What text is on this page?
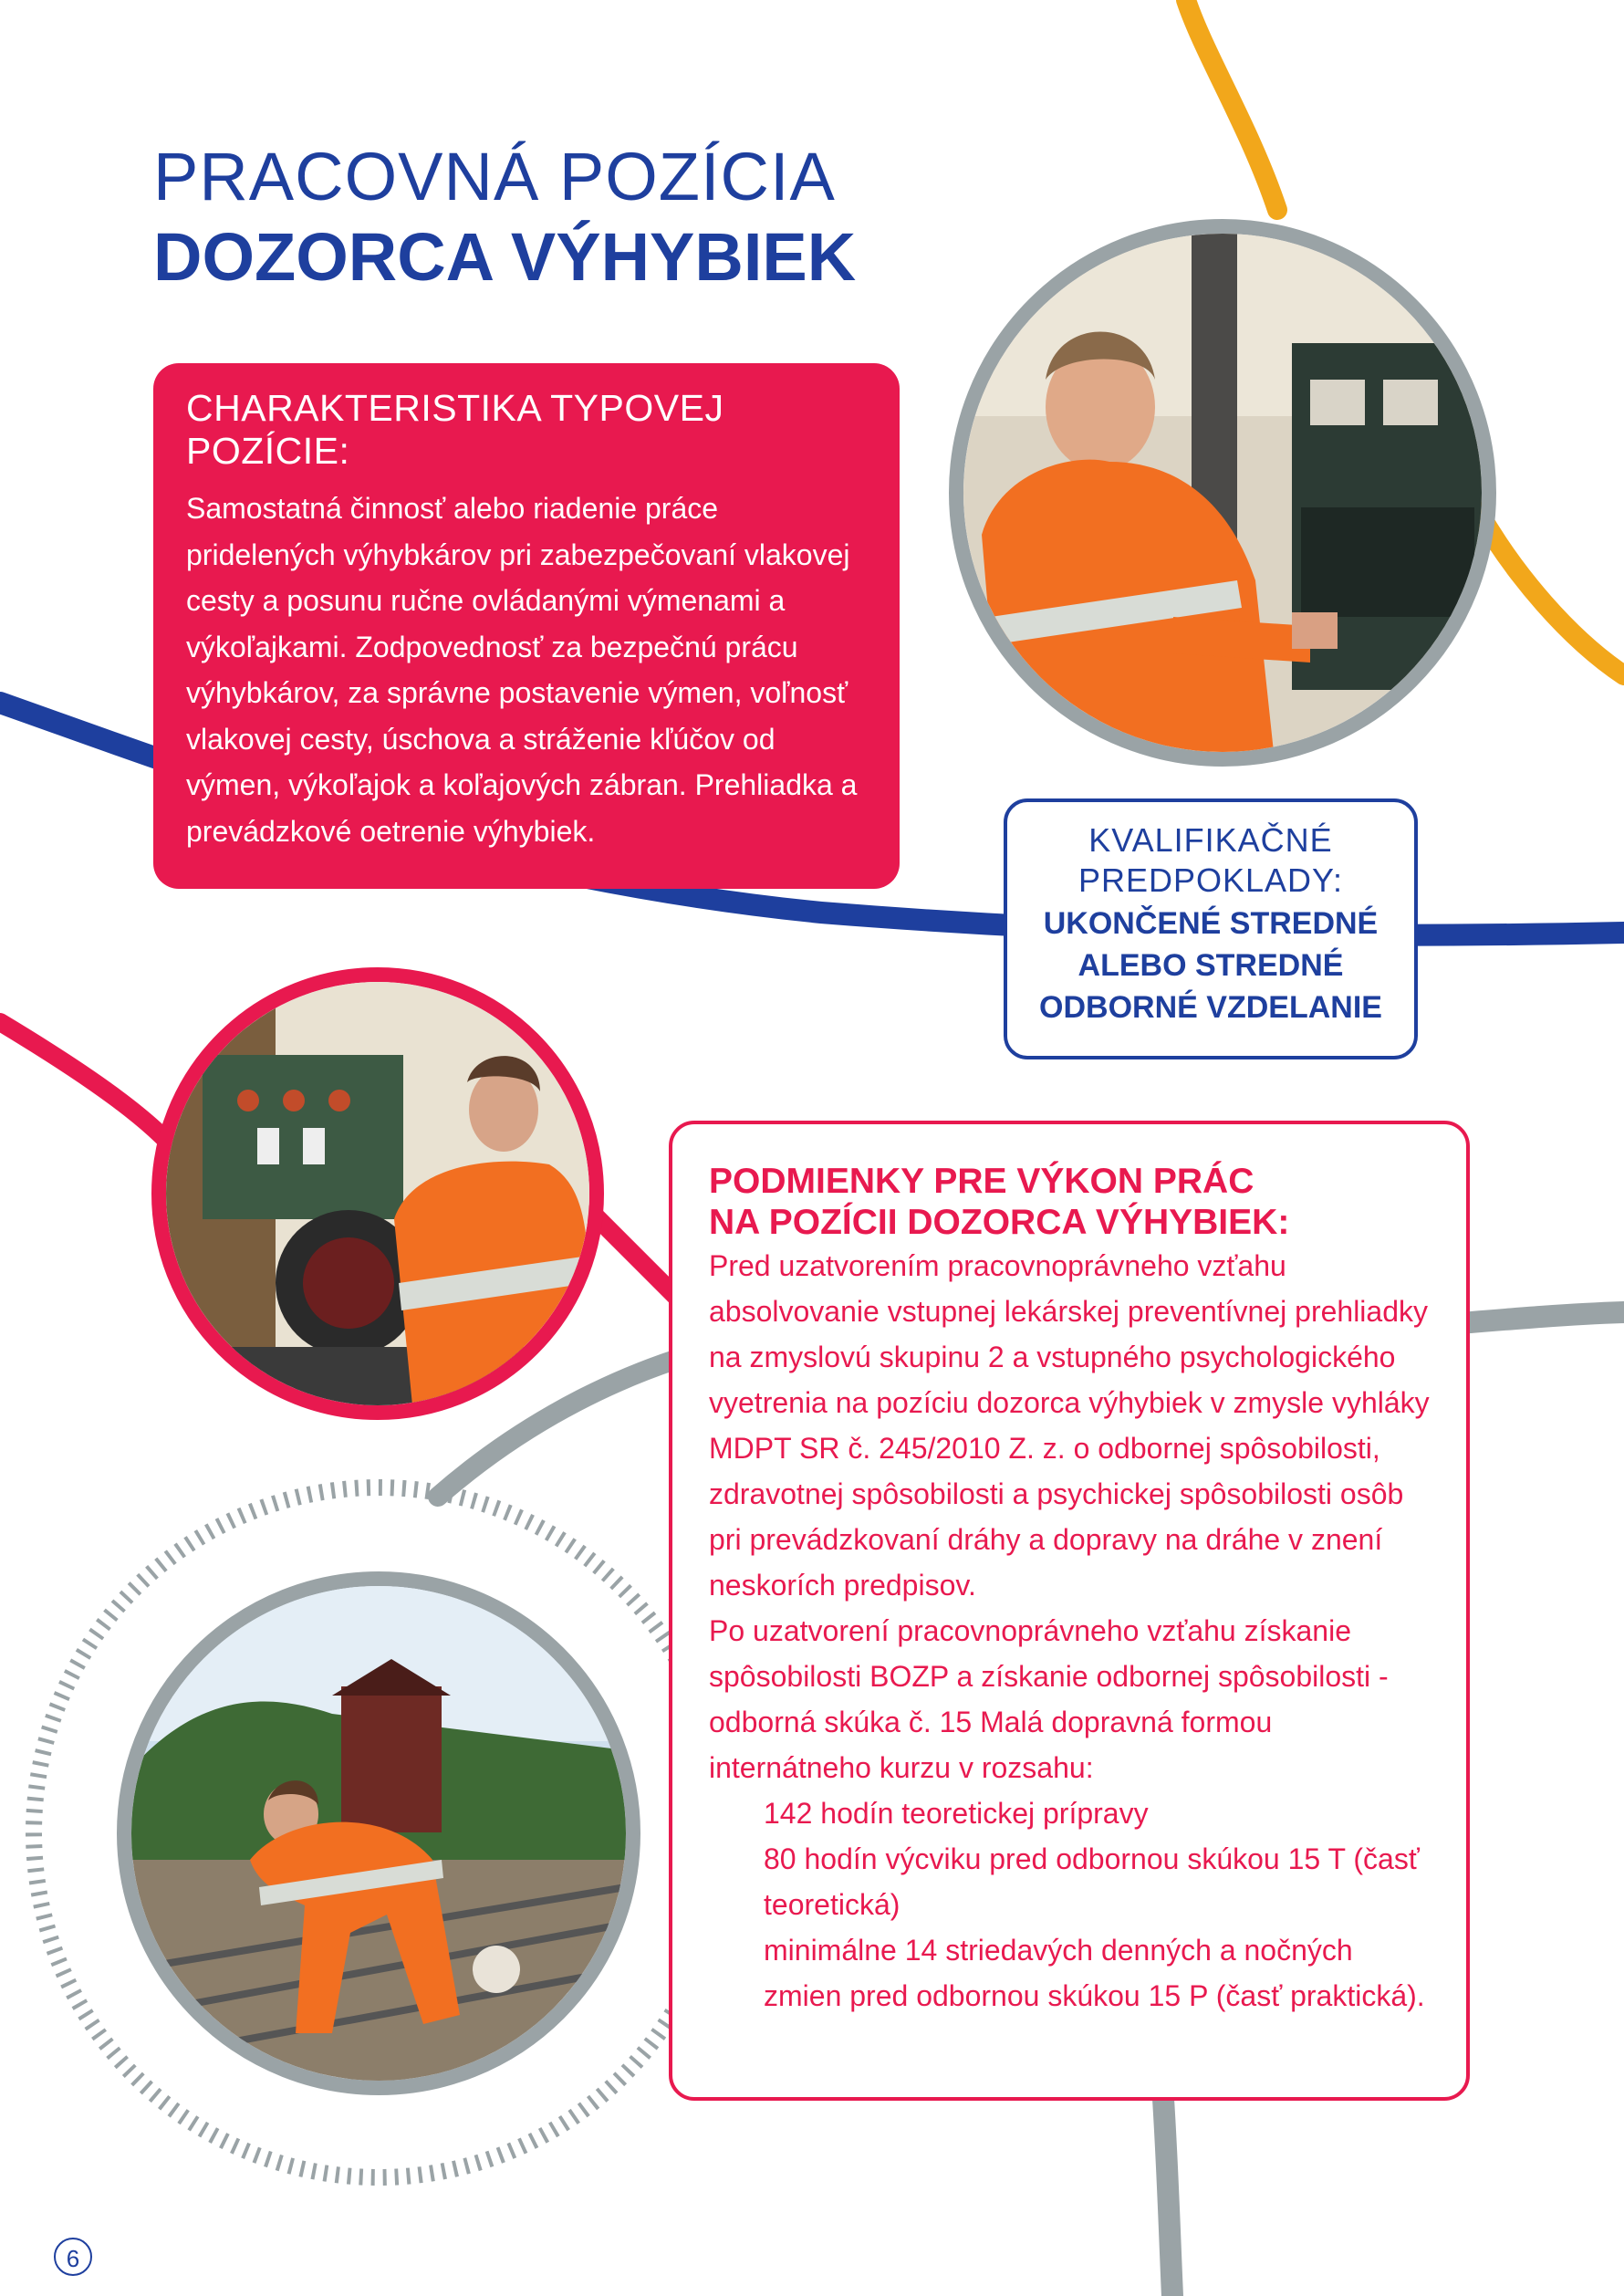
PRACOVNÁ POZÍCIA
DOZORCA VÝHYBIEK
CHARAKTERISTIKA TYPOVEJ POZÍCIE:

Samostatná činnosť alebo riadenie práce pridelených výhybkárov pri zabezpečovaní vlakovej cesty a posunu ručne ovládanými výmenami a výkoľajkami. Zodpovednosť za bezpečnú prácu výhybkárov, za správne postavenie výmen, voľnosť vlakovej cesty, úschova a stráženie kľúčov od výmen, výkoľajok a koľajových zábran. Prehliadka a prevádzkové oetrenie výhybiek.	KVALIFIKAČNÉ
PREDPOKLADY:
UKONČENÉ STREDNÉ
ALEBO STREDNÉ
ODBORNÉ VZDELANIE
PODMIENKY PRE VÝKON PRÁC
NA POZÍCII DOZORCA VÝHYBIEK:

Pred uzatvorením pracovnoprávneho vzťahu absolvovanie vstupnej lekárskej preventívnej prehliadky na zmyslovú skupinu 2 a vstupného psychologického vyetrenia na pozíciu dozorca výhybiek v zmysle vyhláky MDPT SR č. 245/2010 Z. z. o odbornej spôsobilosti, zdravotnej spôsobilosti a psychickej spôsobilosti osôb pri prevádzkovaní dráhy a dopravy na dráhe v znení neskorích predpisov.

Po uzatvorení pracovnoprávneho vzťahu získanie spôsobilosti BOZP a získanie odbornej spôsobilosti - odborná skúka č. 15 Malá dopravná formou internátneho kurzu v rozsahu:

142 hodín teoretickej prípravy

80 hodín výcviku pred odbornou skúkou 15 T (časť teoretická)

minimálne 14 striedavých denných a nočných zmien pred odbornou skúkou 15 P (časť praktická).

6
